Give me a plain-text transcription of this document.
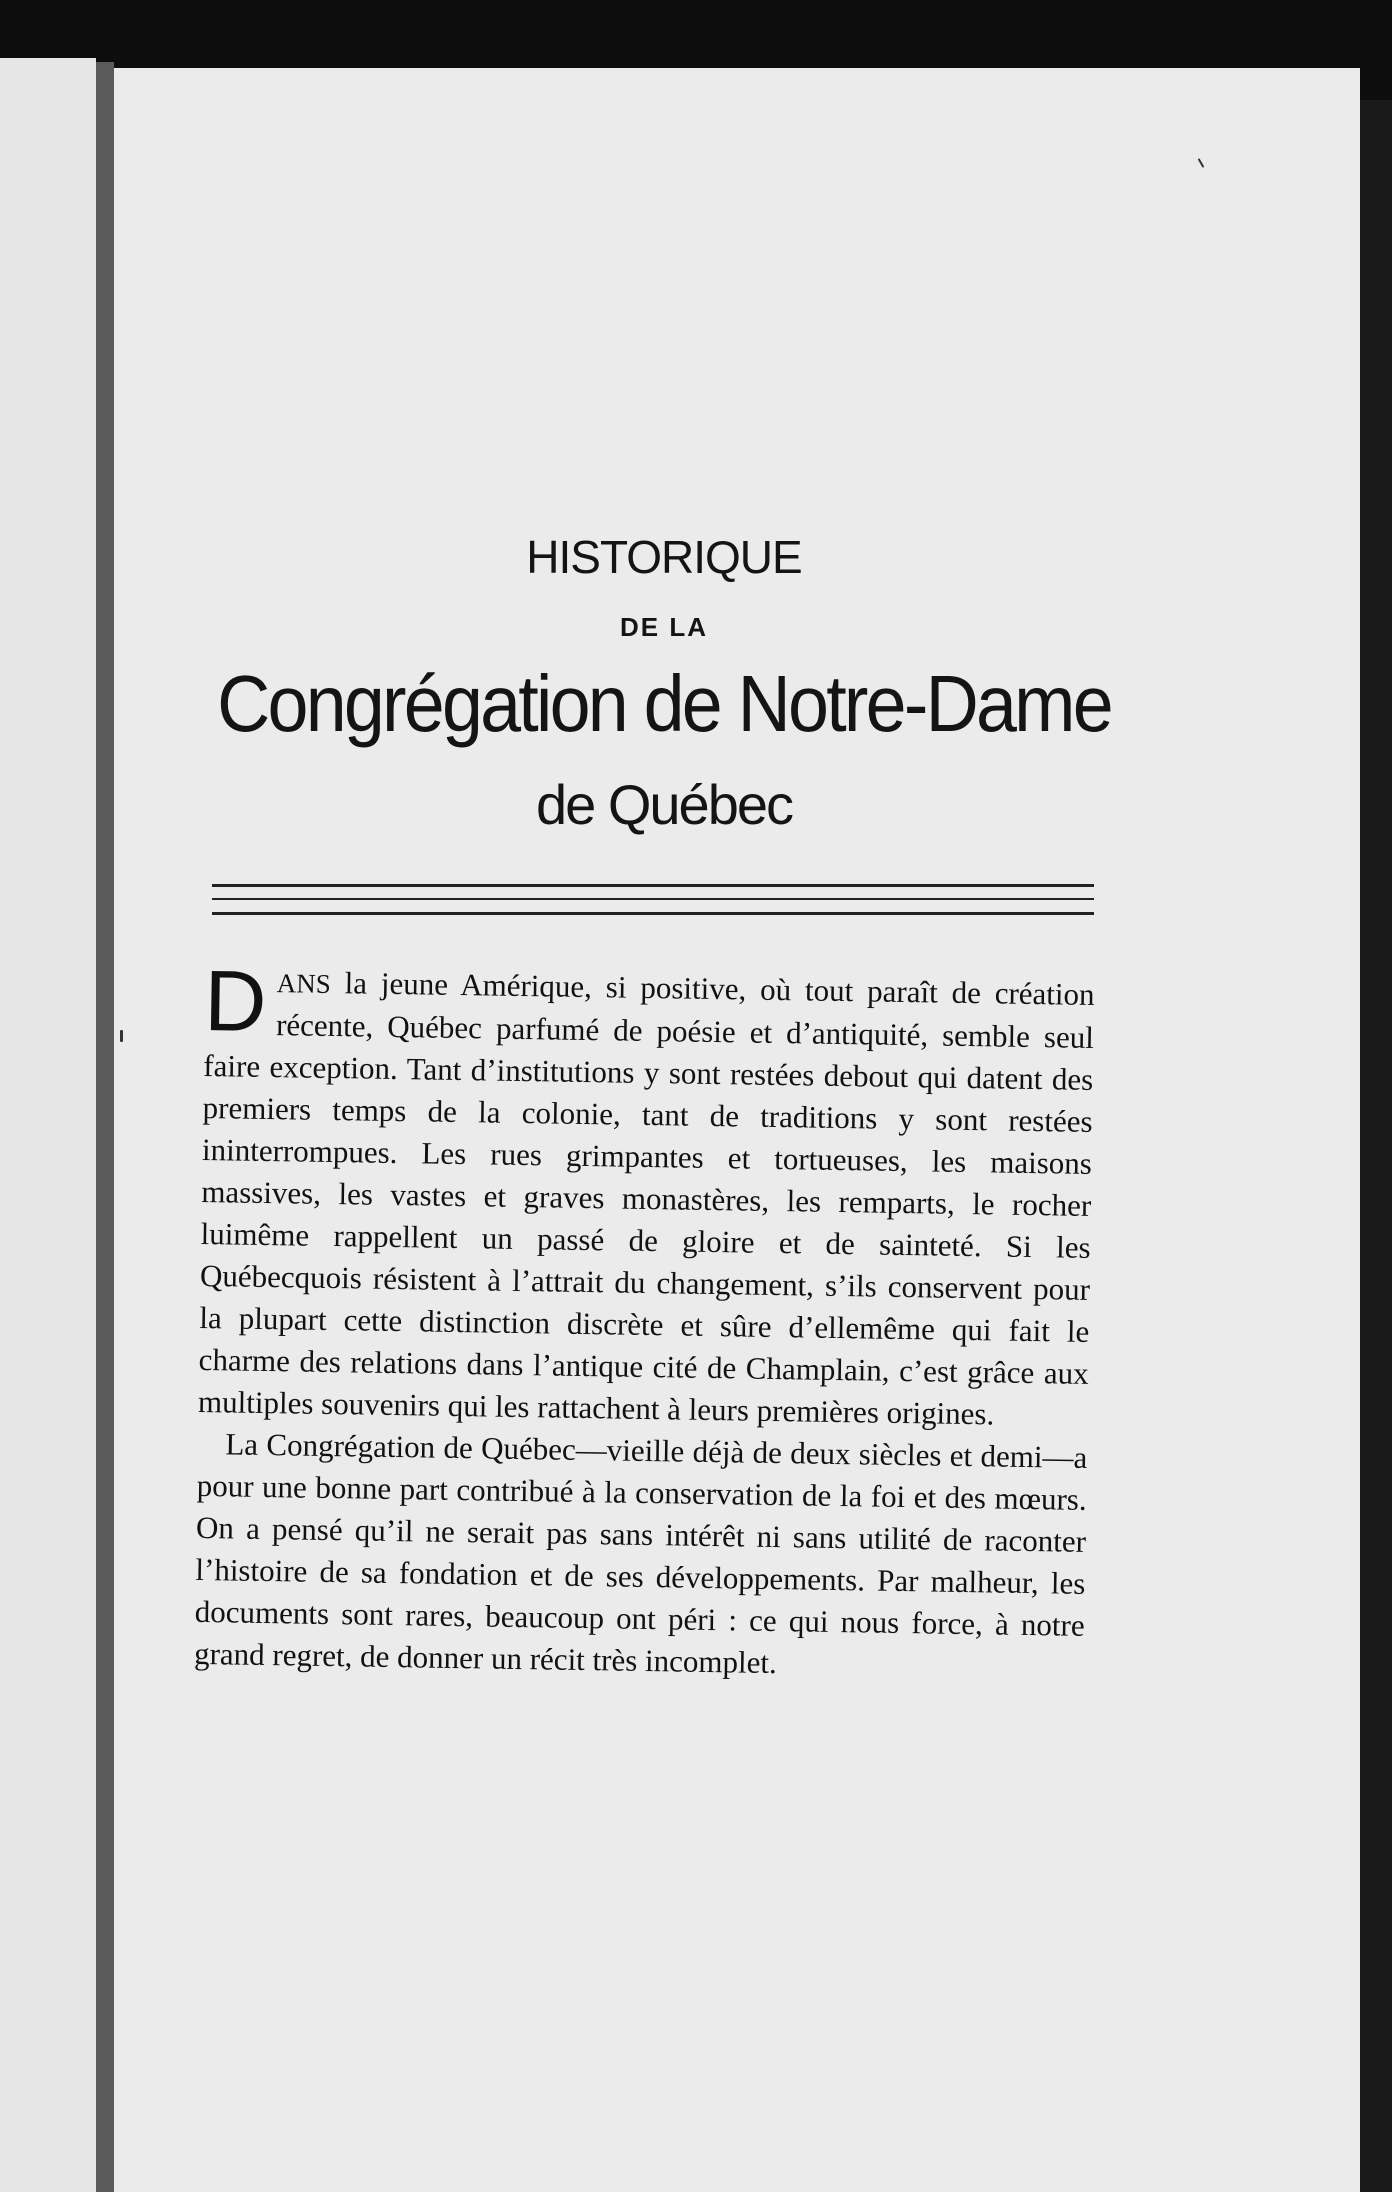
HISTORIQUE
DE LA
Congrégation de Notre-Dame
de Québec

DANS la jeune Amérique, si positive, où tout paraît de création récente, Québec parfumé de poésie et d’antiquité, semble seul faire exception. Tant d’institutions y sont restées debout qui datent des premiers temps de la colonie, tant de traditions y sont restées ininterrompues. Les rues grimpantes et tortueuses, les maisons massives, les vastes et graves monastères, les remparts, le rocher luimême rappellent un passé de gloire et de sainteté. Si les Québecquois résistent à l’attrait du changement, s’ils conservent pour la plupart cette distinction discrète et sûre d’ellemême qui fait le charme des relations dans l’antique cité de Champlain, c’est grâce aux multiples souvenirs qui les rattachent à leurs premières origines.

La Congrégation de Québec—vieille déjà de deux siècles et demi—a pour une bonne part contribué à la conservation de la foi et des mœurs. On a pensé qu’il ne serait pas sans intérêt ni sans utilité de raconter l’histoire de sa fondation et de ses développements. Par malheur, les documents sont rares, beaucoup ont péri : ce qui nous force, à notre grand regret, de donner un récit très incomplet.
